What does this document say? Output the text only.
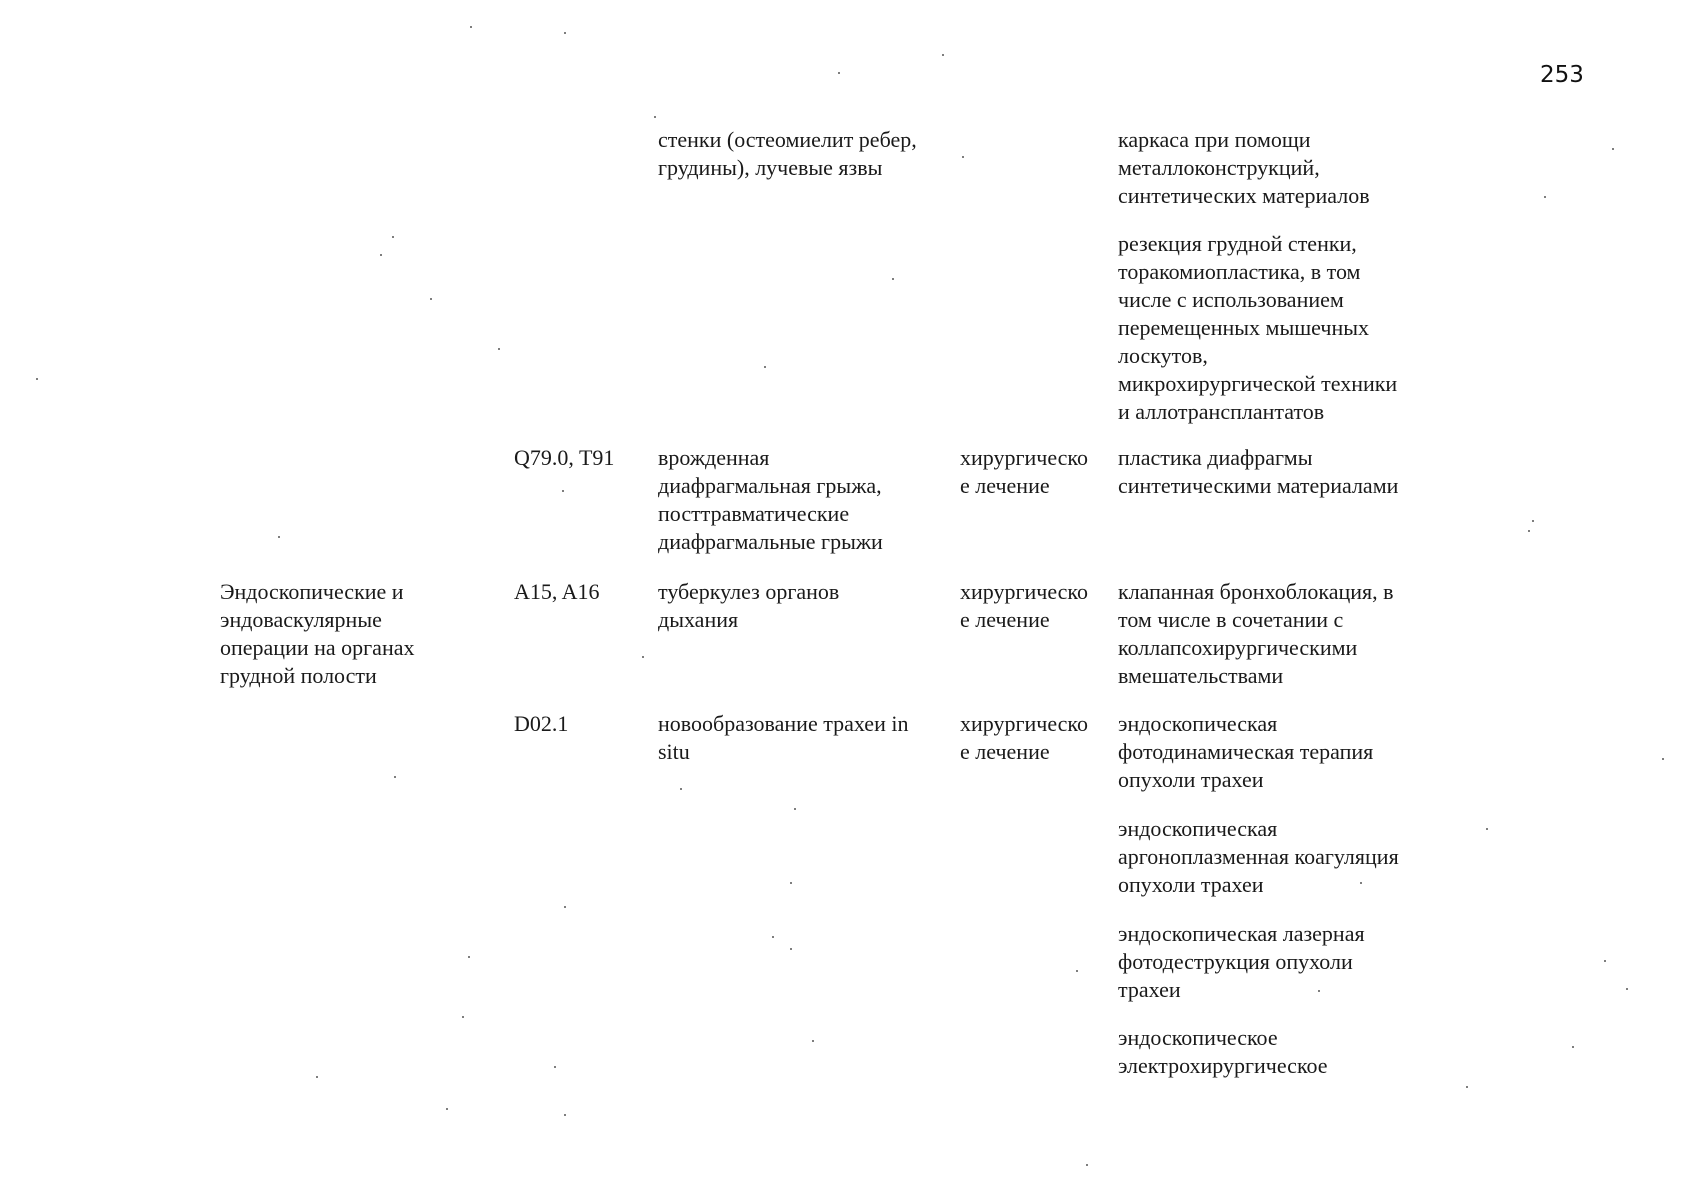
253
стенки (остеомиелит ребер,
грудины), лучевые язвы
каркаса при помощи
металлоконструкций,
синтетических материалов
резекция грудной стенки,
торакомиопластика, в том
числе с использованием
перемещенных мышечных
лоскутов,
микрохирургической техники
и аллотрансплантатов
Q79.0, T91 врожденная
диафрагмальная грыжа,
посттравматические
диафрагмальные грыжи
хирургическо
е лечение
пластика диафрагмы
синтетическими материалами
Эндоскопические и
эндоваскулярные
операции на органах
грудной полости
A15, A16	туберкулез органов
дыхания
хирургическо
е лечение
клапанная бронхоблокация, в
том числе в сочетании с
коллапсохирургическими
вмешательствами
D02.1	новообразование трахеи in
situ
хирургическо
е лечение
эндоскопическая
фотодинамическая терапия
опухоли трахеи
эндоскопическая
аргоноплазменная коагуляция
опухоли трахеи
эндоскопическая лазерная
фотодеструкция опухоли
трахеи
эндоскопическое
электрохирургическое
